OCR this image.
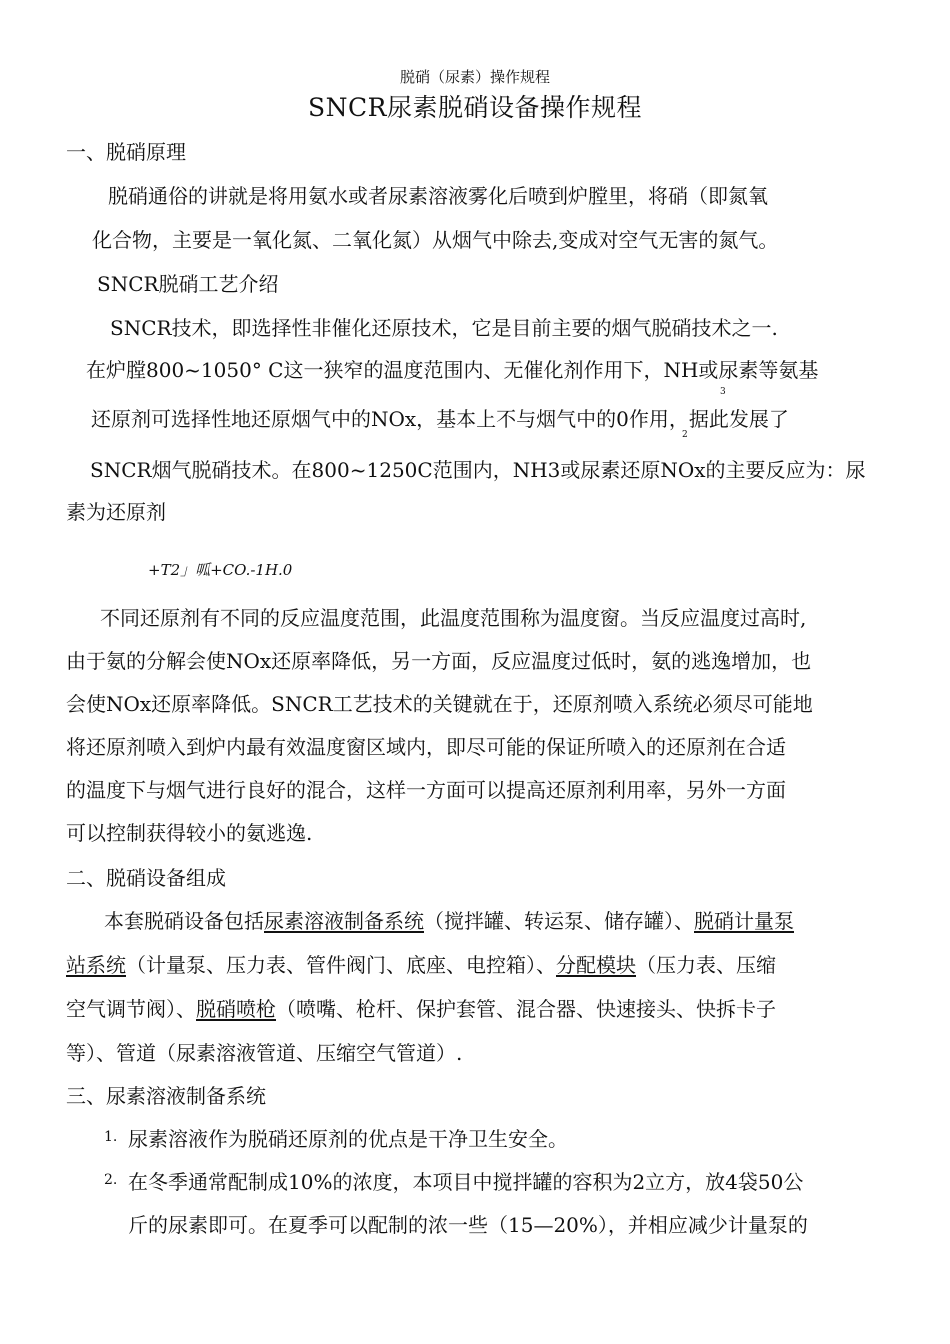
脱硝（尿素）操作规程
SNCR尿素脱硝设备操作规程
一、脱硝原理
脱硝通俗的讲就是将用氨水或者尿素溶液雾化后喷到炉膛里，将硝（即氮氧
化合物，主要是一氧化氮、二氧化氮）从烟气中除去,变成对空气无害的氮气。
SNCR脱硝工艺介绍
SNCR技术，即选择性非催化还原技术，它是目前主要的烟气脱硝技术之一.
在炉膛800~1050° C这一狭窄的温度范围内、无催化剂作用下，NH或尿素等氨基
3
还原剂可选择性地还原烟气中的NOx，基本上不与烟气中的0作用，据此发展了
2
SNCR烟气脱硝技术。在800~1250C范围内，NH3或尿素还原NOx的主要反应为：尿
素为还原剂
+T2」呱+CO.-1H.0
不同还原剂有不同的反应温度范围，此温度范围称为温度窗。当反应温度过高时,
由于氨的分解会使NOx还原率降低，另一方面，反应温度过低时，氨的逃逸增加，也
会使NOx还原率降低。SNCR工艺技术的关键就在于，还原剂喷入系统必须尽可能地
将还原剂喷入到炉内最有效温度窗区域内，即尽可能的保证所喷入的还原剂在合适
的温度下与烟气进行良好的混合，这样一方面可以提高还原剂利用率，另外一方面
可以控制获得较小的氨逃逸.
二、脱硝设备组成
本套脱硝设备包括尿素溶液制备系统（搅拌罐、转运泵、储存罐）、脱硝计量泵
站系统（计量泵、压力表、管件阀门、底座、电控箱）、分配模块（压力表、压缩
空气调节阀）、脱硝喷枪（喷嘴、枪杆、保护套管、混合器、快速接头、快拆卡子
等）、管道（尿素溶液管道、压缩空气管道）.
三、尿素溶液制备系统
1. 尿素溶液作为脱硝还原剂的优点是干净卫生安全。
2. 在冬季通常配制成10%的浓度，本项目中搅拌罐的容积为2立方，放4袋50公
斤的尿素即可。在夏季可以配制的浓一些（15—20%），并相应减少计量泵的
